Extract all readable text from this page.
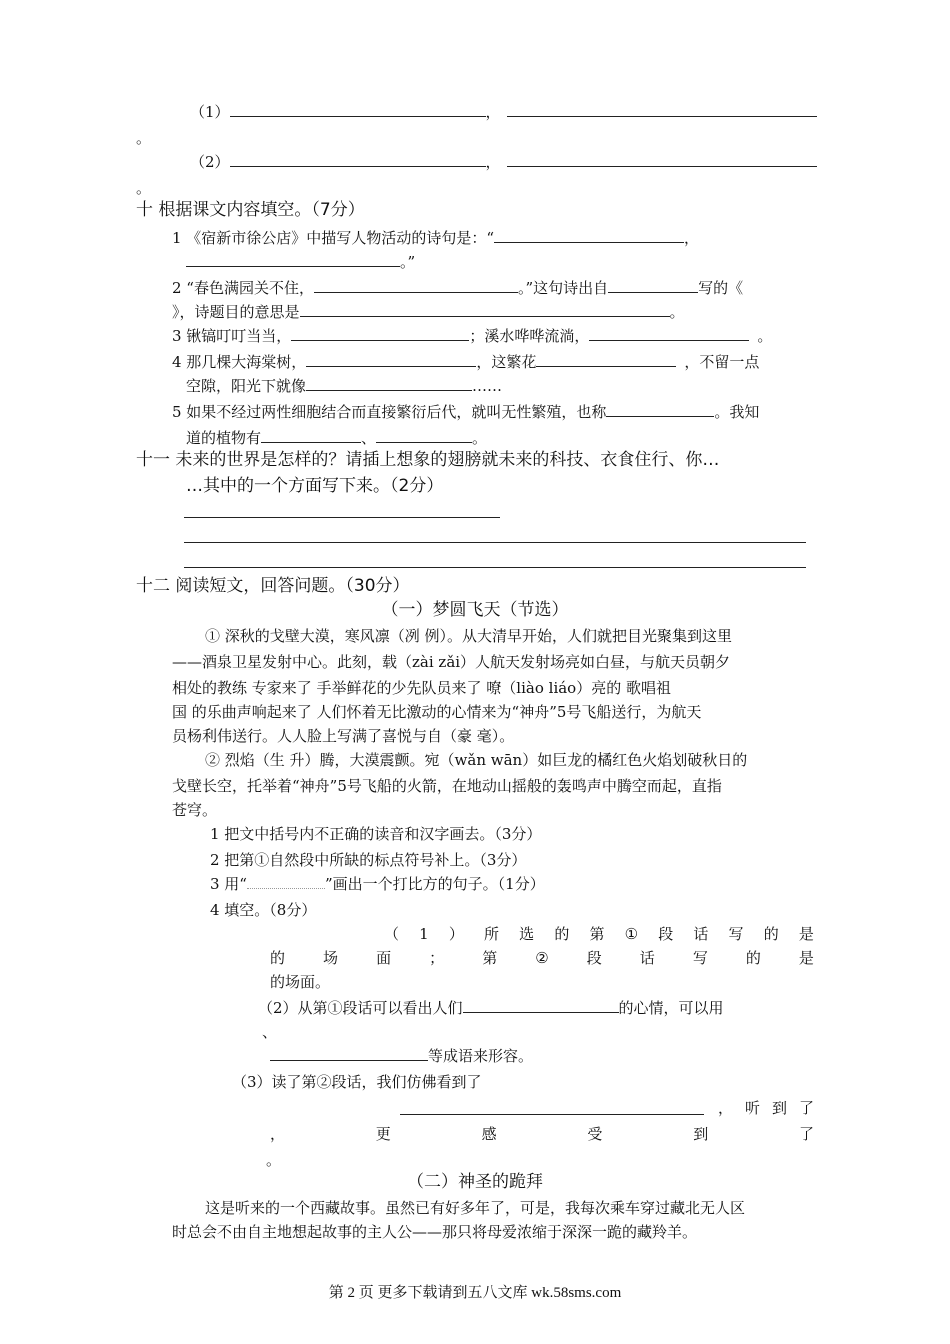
（1）	，
。
（2）	，
。
十 根据课文内容填空。（7分）
1 《宿新市徐公店》中描写人物活动的诗句是：“	，
。”
2 “春色满园关不住，	。”这句诗出自	写的《
》，诗题目的意思是	。
3 锹镐叮叮当当，	；溪水哗哗流淌，	。
4 那几棵大海棠树，	，这繁花	，不留一点
空隙，阳光下就像	……
5 如果不经过两性细胞结合而直接繁衍后代，就叫无性繁殖，也称	。我知
道的植物有	、	。
十一 未来的世界是怎样的？请插上想象的翅膀就未来的科技、衣食住行、你…
…其中的一个方面写下来。（2分）
十二 阅读短文，回答问题。（30分）
（一）梦圆飞天（节选）
① 深秋的戈壁大漠，寒风凛（冽 例）。从大清早开始，人们就把目光聚集到这里
——酒泉卫星发射中心。此刻，载（zài zǎi）人航天发射场亮如白昼，与航天员朝夕
相处的教练 专家来了 手举鲜花的少先队员来了 嘹（liào liáo）亮的 歌唱祖
国 的乐曲声响起来了 人们怀着无比激动的心情来为“神舟”5号飞船送行，为航天
员杨利伟送行。人人脸上写满了喜悦与自（豪 毫）。
② 烈焰（生 升）腾，大漠震颤。宛（wǎn wān）如巨龙的橘红色火焰划破秋日的
戈壁长空，托举着“神舟”5号飞船的火箭，在地动山摇般的轰鸣声中腾空而起，直指
苍穹。
1 把文中括号内不正确的读音和汉字画去。（3分）
2 把第①自然段中所缺的标点符号补上。（3分）
3 用“	”画出一个打比方的句子。（1分）
4 填空。（8分）
（ 1 ） 所 选 的 第 ① 段 话 写 的 是
的	场	面	；	第	②	段	话	写	的	是
的场面。
（2）从第①段话可以看出人们	的心情，可以用
、
等成语来形容。
（3）读了第②段话，我们仿佛看到了
， 听 到 了
，	更	感	受	到	了
。
（二）神圣的跪拜
这是听来的一个西藏故事。虽然已有好多年了，可是，我每次乘车穿过藏北无人区
时总会不由自主地想起故事的主人公——那只将母爱浓缩于深深一跪的藏羚羊。
第 2 页 更多下载请到五八文库 wk.58sms.com
